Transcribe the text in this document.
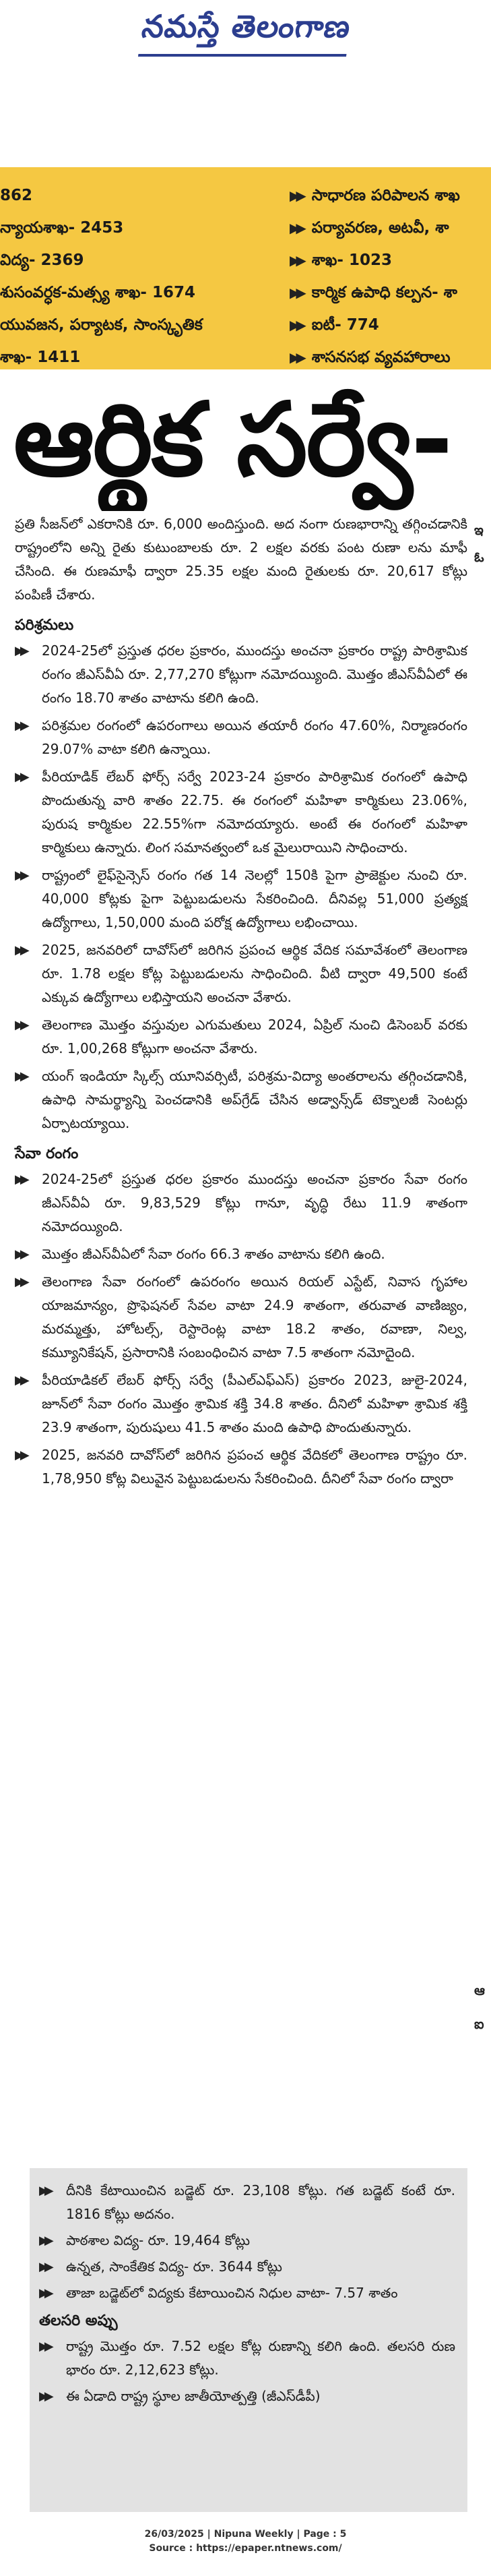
నమస్తే తెలంగాణ
862
న్యాయశాఖ- 2453
విద్య- 2369
శుసంవర్ధక-మత్స్య శాఖ- 1674
యువజన, పర్యాటక, సాంస్కృతిక
శాఖ- 1411
▶▶ సాధారణ పరిపాలన శాఖ
▶▶ పర్యావరణ, అటవీ, శా
▶▶ శాఖ- 1023
▶▶ కార్మిక ఉపాధి కల్పన- శా
▶▶ ఐటీ- 774
▶▶ శాసనసభ వ్యవహారాలు
ఆర్థిక సర్వే-
ప్రతి సీజన్‌లో ఎకరానికి రూ. 6,000 అందిస్తుంది. అద నంగా రుణభారాన్ని తగ్గించడానికి రాష్ట్రంలోని అన్ని రైతు కుటుంబాలకు రూ. 2 లక్షల వరకు పంట రుణా లను మాఫీ చేసింది. ఈ రుణమాఫీ ద్వారా 25.35 లక్షల మంది రైతులకు రూ. 20,617 కోట్లు పంపిణీ చేశారు.
పరిశ్రమలు
▶▶ 2024-25లో ప్రస్తుత ధరల ప్రకారం, ముందస్తు అంచనా ప్రకారం రాష్ట్ర పారిశ్రామిక రంగం జీఎస్‌వీఏ రూ. 2,77,270 కోట్లుగా నమోదయ్యింది. మొత్తం జీఎస్‌వీఏలో ఈ రంగం 18.70 శాతం వాటాను కలిగి ఉంది.
▶▶ పరిశ్రమల రంగంలో ఉపరంగాలు అయిన తయారీ రంగం 47.60%, నిర్మాణరంగం 29.07% వాటా కలిగి ఉన్నాయి.
▶▶ పీరియాడిక్ లేబర్ ఫోర్స్ సర్వే 2023-24 ప్రకారం పారిశ్రామిక రంగంలో ఉపాధి పొందుతున్న వారి శాతం 22.75. ఈ రంగంలో మహిళా కార్మికులు 23.06%, పురుష కార్మికుల 22.55%గా నమోదయ్యారు. అంటే ఈ రంగంలో మహిళా కార్మికులు ఉన్నారు. లింగ సమానత్వంలో ఒక మైలురాయిని సాధించారు.
▶▶ రాష్ట్రంలో లైఫ్‌సైన్సెస్ రంగం గత 14 నెలల్లో 150కి పైగా ప్రాజెక్టుల నుంచి రూ. 40,000 కోట్లకు పైగా పెట్టుబడులను సేకరించింది. దీనివల్ల 51,000 ప్రత్యక్ష ఉద్యోగాలు, 1,50,000 మంది పరోక్ష ఉద్యోగాలు లభించాయి.
▶▶ 2025, జనవరిలో దావోస్‌లో జరిగిన ప్రపంచ ఆర్థిక వేదిక సమావేశంలో తెలంగాణ రూ. 1.78 లక్షల కోట్ల పెట్టుబడులను సాధించింది. వీటి ద్వారా 49,500 కంటే ఎక్కువ ఉద్యోగాలు లభిస్తాయని అంచనా వేశారు.
▶▶ తెలంగాణ మొత్తం వస్తువుల ఎగుమతులు 2024, ఏప్రిల్ నుంచి డిసెంబర్ వరకు రూ. 1,00,268 కోట్లుగా అంచనా వేశారు.
▶▶ యంగ్ ఇండియా స్కిల్స్ యూనివర్సిటీ, పరిశ్రమ-విద్యా అంతరాలను తగ్గించడానికి, ఉపాధి సామర్థ్యాన్ని పెంచడానికి అప్‌గ్రేడ్ చేసిన అడ్వాన్స్‌డ్ టెక్నాలజీ సెంటర్లు ఏర్పాటయ్యాయి.
సేవా రంగం
▶▶ 2024-25లో ప్రస్తుత ధరల ప్రకారం ముందస్తు అంచనా ప్రకారం సేవా రంగం జీఎస్‌వీఏ రూ. 9,83,529 కోట్లు గానూ, వృద్ధి రేటు 11.9 శాతంగా నమోదయ్యింది.
▶▶ మొత్తం జీఎస్‌వీఏలో సేవా రంగం 66.3 శాతం వాటాను కలిగి ఉంది.
▶▶ తెలంగాణ సేవా రంగంలో ఉపరంగం అయిన రియల్ ఎస్టేట్, నివాస గృహాల యాజమాన్యం, ప్రొఫెషనల్ సేవల వాటా 24.9 శాతంగా, తరువాత వాణిజ్యం, మరమ్మత్తు, హోటల్స్, రెస్టారెంట్ల వాటా 18.2 శాతం, రవాణా, నిల్వ, కమ్యూనికేషన్, ప్రసారానికి సంబంధించిన వాటా 7.5 శాతంగా నమోదైంది.
▶▶ పీరియాడికల్ లేబర్ ఫోర్స్ సర్వే (పీఎల్ఎఫ్ఎస్) ప్రకారం 2023, జులై-2024, జూన్‌లో సేవా రంగం మొత్తం శ్రామిక శక్తి 34.8 శాతం. దీనిలో మహిళా శ్రామిక శక్తి 23.9 శాతంగా, పురుషులు 41.5 శాతం మంది ఉపాధి పొందుతున్నారు.
▶▶ 2025, జనవరి దావోస్‌లో జరిగిన ప్రపంచ ఆర్థిక వేదికలో తెలంగాణ రాష్ట్రం రూ. 1,78,950 కోట్ల విలువైన పెట్టుబడులను సేకరించింది. దీనిలో సేవా రంగం ద్వారా
ఇ
ఓ
ఆ
ఐ
▶▶ దీనికి కేటాయించిన బడ్జెట్ రూ. 23,108 కోట్లు. గత బడ్జెట్ కంటే రూ. 1816 కోట్లు అదనం.
▶▶ పాఠశాల విద్య- రూ. 19,464 కోట్లు
▶▶ ఉన్నత, సాంకేతిక విద్య- రూ. 3644 కోట్లు
▶▶ తాజా బడ్జెట్‌లో విద్యకు కేటాయించిన నిధుల వాటా- 7.57 శాతం
తలసరి అప్పు
▶▶ రాష్ట్ర మొత్తం రూ. 7.52 లక్షల కోట్ల రుణాన్ని కలిగి ఉంది. తలసరి రుణ భారం రూ. 2,12,623 కోట్లు.
▶▶ ఈ ఏడాది రాష్ట్ర స్థూల జాతీయోత్పత్తి (జీఎస్‌డీపీ)
26/03/2025 | Nipuna Weekly | Page : 5
Source : https://epaper.ntnews.com/
